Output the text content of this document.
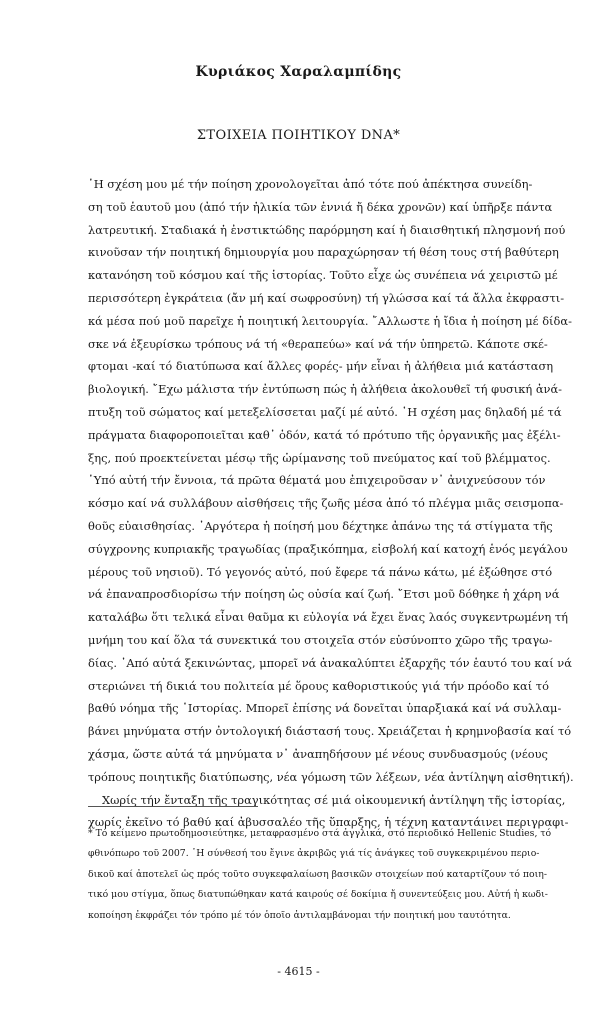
Κυριάκος Χαραλαμπίδης
ΣΤΟΙΧΕΙΑ ΠΟΙΗΤΙΚΟΥ DNA*
῾Η σχέση μου μέ τήν ποίηση χρονολογεῖται ἀπό τότε πού ἀπέκτησα συνείδη-
ση τοῦ ἑαυτοῦ μου (ἀπό τήν ἡλικία τῶν ἐννιά ἤ δέκα χρονῶν) καί ὑπῆρξε πάντα
λατρευτική. Σταδιακά ἡ ἐνστικτώδης παρόρμηση καί ἡ διαισθητική πλησμονή πού
κινοῦσαν τήν ποιητική δημιουργία μου παραχώρησαν τή θέση τους στή βαθύτερη
κατανόηση τοῦ κόσμου καί τῆς ἱστορίας. Τοῦτο εἶχε ὡς συνέπεια νά χειριστῶ μέ
περισσότερη ἐγκράτεια (ἄν μή καί σωφροσύνη) τή γλώσσα καί τά ἄλλα ἐκφραστι-
κά μέσα πού μοῦ παρεῖχε ἡ ποιητική λειτουργία. ῎Αλλωστε ἡ ἴδια ἡ ποίηση μέ δίδα-
σκε νά ἐξευρίσκω τρόπους νά τή «θεραπεύω» καί νά τήν ὑπηρετῶ. Κάποτε σκέ-
φτομαι -καί τό διατύπωσα καί ἄλλες φορές- μήν εἶναι ἡ ἀλήθεια μιά κατάσταση
βιολογική. ῎Εχω μάλιστα τήν ἐντύπωση πώς ἡ ἀλήθεια ἀκολουθεῖ τή φυσική ἀνά-
πτυξη τοῦ σώματος καί μετεξελίσσεται μαζί μέ αὐτό. ῾Η σχέση μας δηλαδή μέ τά
πράγματα διαφοροποιεῖται καθ᾿ ὁδόν, κατά τό πρότυπο τῆς ὀργανικῆς μας ἐξέλι-
ξης, πού προεκτείνεται μέσῳ τῆς ὡρίμανσης τοῦ πνεύματος καί τοῦ βλέμματος.
῾Υπό αὐτή τήν ἔννοια, τά πρῶτα θέματά μου ἐπιχειροῦσαν ν᾿ ἀνιχνεύσουν τόν
κόσμο καί νά συλλάβουν αἰσθήσεις τῆς ζωῆς μέσα ἀπό τό πλέγμα μιᾶς σεισμοπα-
θοῦς εὐαισθησίας. ᾿Αργότερα ἡ ποίησή μου δέχτηκε ἀπάνω της τά στίγματα τῆς
σύγχρονης κυπριακῆς τραγωδίας (πραξικόπημα, εἰσβολή καί κατοχή ἑνός μεγάλου
μέρους τοῦ νησιοῦ). Τό γεγονός αὐτό, πού ἔφερε τά πάνω κάτω, μέ ἐξώθησε στό
νά ἐπαναπροσδιορίσω τήν ποίηση ὡς οὐσία καί ζωή. ῎Ετσι μοῦ δόθηκε ἡ χάρη νά
καταλάβω ὅτι τελικά εἶναι θαῦμα κι εὐλογία νά ἔχει ἕνας λαός συγκεντρωμένη τή
μνήμη του καί ὅλα τά συνεκτικά του στοιχεῖα στόν εὐσύνοπτο χῶρο τῆς τραγω-
δίας. ᾿Από αὐτά ξεκινώντας, μπορεῖ νά ἀνακαλύπτει ἐξαρχῆς τόν ἑαυτό του καί νά
στεριώνει τή δικιά του πολιτεία μέ ὅρους καθοριστικούς γιά τήν πρόοδο καί τό
βαθύ νόημα τῆς ῾Ιστορίας. Μπορεῖ ἐπίσης νά δονεῖται ὑπαρξιακά καί νά συλλαμ-
βάνει μηνύματα στήν ὀντολογική διάστασή τους. Χρειάζεται ἡ κρημνοβασία καί τό
χάσμα, ὥστε αὐτά τά μηνύματα ν᾿ ἀναπηδήσουν μέ νέους συνδυασμούς (νέους
τρόπους ποιητικῆς διατύπωσης, νέα γόμωση τῶν λέξεων, νέα ἀντίληψη αἰσθητική).
Χωρίς τήν ἔνταξη τῆς τραγικότητας σέ μιά οἰκουμενική ἀντίληψη τῆς ἱστορίας,
χωρίς ἐκεῖνο τό βαθύ καί ἀβυσσαλέο τῆς ὕπαρξης, ἡ τέχνη καταντάινει περιγραφι-
* Τό κείμενο πρωτοδημοσιεύτηκε, μεταφρασμένο στά ἀγγλικά, στό περιοδικό Hellenic Studies, τό
φθινόπωρο τοῦ 2007. ῾Η σύνθεσή του ἔγινε ἀκριβῶς γιά τίς ἀνάγκες τοῦ συγκεκριμένου περιο-
δικοῦ καί ἀποτελεῖ ὡς πρός τοῦτο συγκεφαλαίωση βασικῶν στοιχείων πού καταρτίζουν τό ποιη-
τικό μου στίγμα, ὅπως διατυπώθηκαν κατά καιρούς σέ δοκίμια ἤ συνεντεύξεις μου. Αὐτή ἡ κωδι-
κοποίηση ἐκφράζει τόν τρόπο μέ τόν ὁποῖο ἀντιλαμβάνομαι τήν ποιητική μου ταυτότητα.
- 4615 -
